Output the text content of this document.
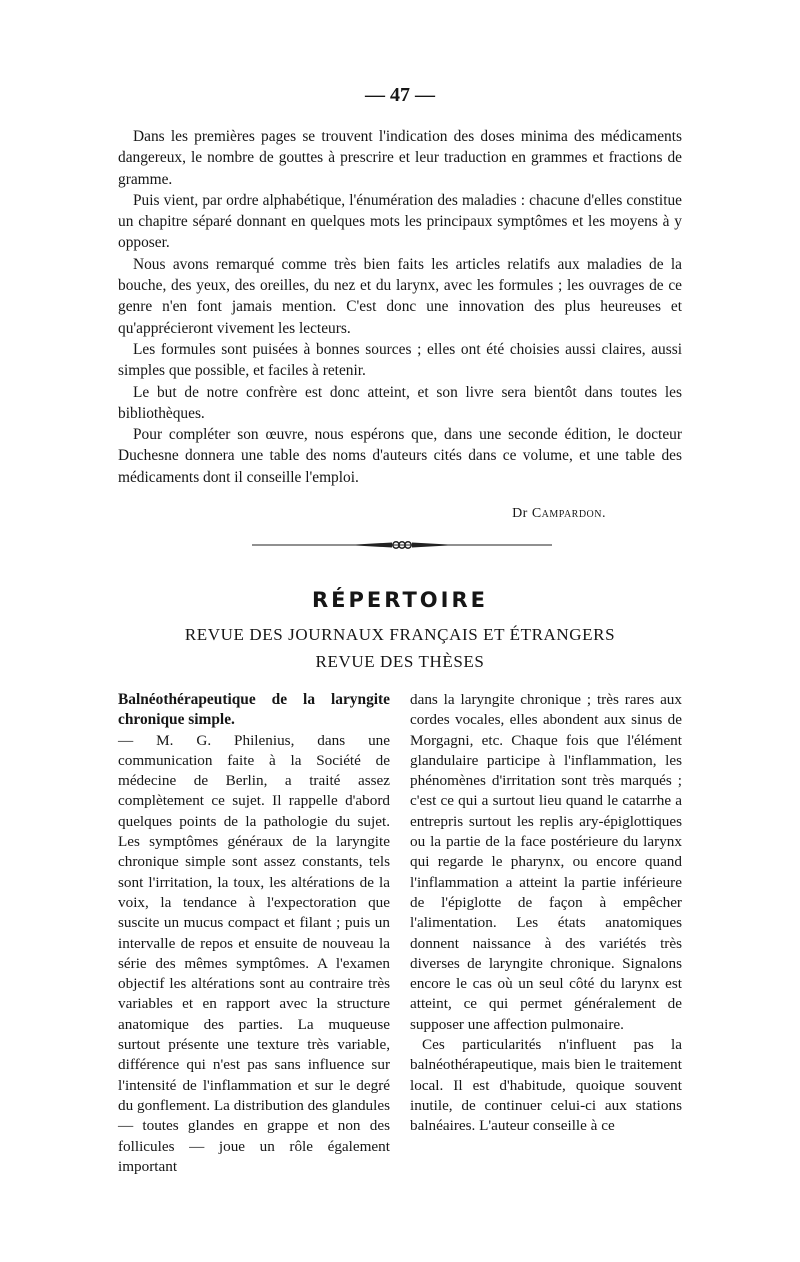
— 47 —

Dans les premières pages se trouvent l'indication des doses minima des médicaments dangereux, le nombre de gouttes à prescrire et leur traduction en grammes et fractions de gramme.

Puis vient, par ordre alphabétique, l'énumération des maladies : chacune d'elles constitue un chapitre séparé donnant en quelques mots les principaux symptômes et les moyens à y opposer.

Nous avons remarqué comme très bien faits les articles relatifs aux maladies de la bouche, des yeux, des oreilles, du nez et du larynx, avec les formules ; les ouvrages de ce genre n'en font jamais mention. C'est donc une innovation des plus heureuses et qu'apprécieront vivement les lecteurs.

Les formules sont puisées à bonnes sources ; elles ont été choisies aussi claires, aussi simples que possible, et faciles à retenir.

Le but de notre confrère est donc atteint, et son livre sera bientôt dans toutes les bibliothèques.

Pour compléter son œuvre, nous espérons que, dans une seconde édition, le docteur Duchesne donnera une table des noms d'auteurs cités dans ce volume, et une table des médicaments dont il conseille l'emploi.

Dr Campardon.
RÉPERTOIRE
REVUE DES JOURNAUX FRANÇAIS ET ÉTRANGERS
REVUE DES THÈSES

Balnéothérapeutique de la laryngite chronique simple.

— M. G. Philenius, dans une communication faite à la Société de médecine de Berlin, a traité assez complètement ce sujet. Il rappelle d'abord quelques points de la pathologie du sujet. Les symptômes généraux de la laryngite chronique simple sont assez constants, tels sont l'irritation, la toux, les altérations de la voix, la tendance à l'expectoration que suscite un mucus compact et filant ; puis un intervalle de repos et ensuite de nouveau la série des mêmes symptômes. A l'examen objectif les altérations sont au contraire très variables et en rapport avec la structure anatomique des parties. La muqueuse surtout présente une texture très variable, différence qui n'est pas sans influence sur l'intensité de l'inflammation et sur le degré du gonflement. La distribution des glandules — toutes glandes en grappe et non des follicules — joue un rôle également important

dans la laryngite chronique ; très rares aux cordes vocales, elles abondent aux sinus de Morgagni, etc. Chaque fois que l'élément glandulaire participe à l'inflammation, les phénomènes d'irritation sont très marqués ; c'est ce qui a surtout lieu quand le catarrhe a entrepris surtout les replis ary-épiglottiques ou la partie de la face postérieure du larynx qui regarde le pharynx, ou encore quand l'inflammation a atteint la partie inférieure de l'épiglotte de façon à empêcher l'alimentation. Les états anatomiques donnent naissance à des variétés très diverses de laryngite chronique. Signalons encore le cas où un seul côté du larynx est atteint, ce qui permet généralement de supposer une affection pulmonaire.

Ces particularités n'influent pas la balnéothérapeutique, mais bien le traitement local. Il est d'habitude, quoique souvent inutile, de continuer celui-ci aux stations balnéaires. L'auteur conseille à ce
